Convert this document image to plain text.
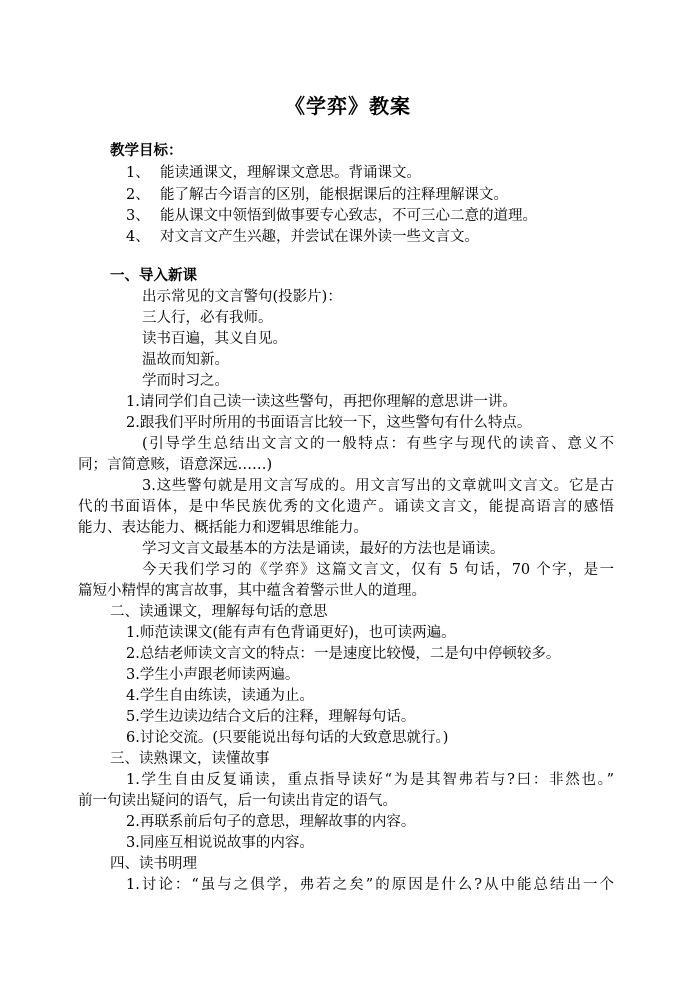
《学弈》教案
教学目标：
1、 能读通课文，理解课文意思。背诵课文。
2、 能了解古今语言的区别，能根据课后的注释理解课文。
3、 能从课文中领悟到做事要专心致志，不可三心二意的道理。
4、 对文言文产生兴趣，并尝试在课外读一些文言文。
一、导入新课
出示常见的文言警句(投影片)：
三人行，必有我师。
读书百遍，其义自见。
温故而知新。
学而时习之。
1.请同学们自己读一读这些警句，再把你理解的意思讲一讲。
2.跟我们平时所用的书面语言比较一下，这些警句有什么特点。
(引导学生总结出文言文的一般特点：有些字与现代的读音、意义不
同；言简意赅，语意深远……)
3.这些警句就是用文言写成的。用文言写出的文章就叫文言文。它是古
代的书面语体，是中华民族优秀的文化遗产。诵读文言文，能提高语言的感悟
能力、表达能力、概括能力和逻辑思维能力。
学习文言文最基本的方法是诵读，最好的方法也是诵读。
今天我们学习的《学弈》这篇文言文，仅有 5 句话，70 个字，是一
篇短小精悍的寓言故事，其中蕴含着警示世人的道理。
二、读通课文，理解每句话的意思
1.师范读课文(能有声有色背诵更好)，也可读两遍。
2.总结老师读文言文的特点：一是速度比较慢，二是句中停顿较多。
3.学生小声跟老师读两遍。
4.学生自由练读，读通为止。
5.学生边读边结合文后的注释，理解每句话。
6.讨论交流。(只要能说出每句话的大致意思就行。)
三、读熟课文，读懂故事
1.学生自由反复诵读，重点指导读好“为是其智弗若与?曰：非然也。”
前一句读出疑问的语气，后一句读出肯定的语气。
2.再联系前后句子的意思，理解故事的内容。
3.同座互相说说故事的内容。
四、读书明理
1.讨论：“虽与之俱学，弗若之矣”的原因是什么?从中能总结出一个
